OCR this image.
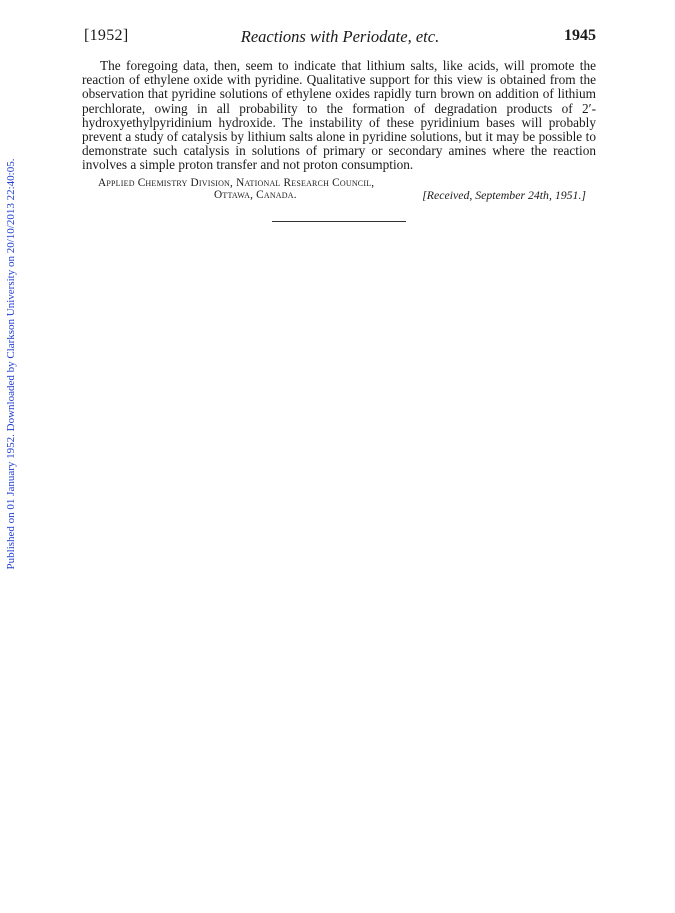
[1952]	Reactions with Periodate, etc.	1945

The foregoing data, then, seem to indicate that lithium salts, like acids, will promote the reaction of ethylene oxide with pyridine. Qualitative support for this view is obtained from the observation that pyridine solutions of ethylene oxides rapidly turn brown on addition of lithium perchlorate, owing in all probability to the formation of degradation products of 2′-hydroxyethylpyridinium hydroxide. The instability of these pyridinium bases will probably prevent a study of catalysis by lithium salts alone in pyridine solutions, but it may be possible to demonstrate such catalysis in solutions of primary or secondary amines where the reaction involves a simple proton transfer and not proton consumption.

Applied Chemistry Division, National Research Council,
Ottawa, Canada.	[Received, September 24th, 1951.]
Published on 01 January 1952. Downloaded by Clarkson University on 20/10/2013 22:40:05.
